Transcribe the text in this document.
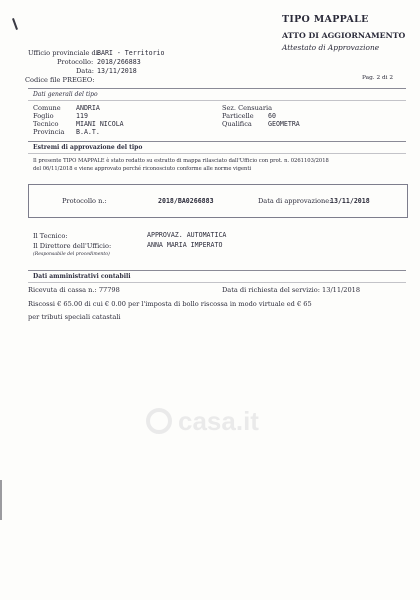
TIPO MAPPALE
ATTO DI AGGIORNAMENTO
Attestato di Approvazione
Ufficio provinciale di:
BARI - Territorio
Protocollo: 2018/266883
Data: 13/11/2018
Codice file PREGEO:	Pag. 2 di 2
Dati generali del tipo
Comune ANDRIA
Foglio	119
Tecnico	MIANI NICOLA
Provincia B.A.T.
Sez. Censuaria
Particelle 60
Qualifica GEOMETRA
Estremi di approvazione del tipo
Il presente TIPO MAPPALE è stato redatto su estratto di mappa rilasciato dall'Ufficio con prot. n. 0261103/2018
del 06/11/2018 e viene approvato perché riconosciuto conforme alle norme vigenti
Protocollo n.:	2018/BA0266883	Data di approvazione:
13/11/2018
Il Tecnico:	APPROVAZ. AUTOMATICA
Il Direttore dell'Ufficio:	ANNA MARIA IMPERATO
(Responsabile del procedimento)
Dati amministrativi contabili
Ricevuta di cassa n.: 77798	Data di richiesta del servizio: 13/11/2018
Riscossi € 65.00 di cui € 0.00 per l'imposta di bollo riscossa in modo virtuale ed € 65
per tributi speciali catastali
casa.it
